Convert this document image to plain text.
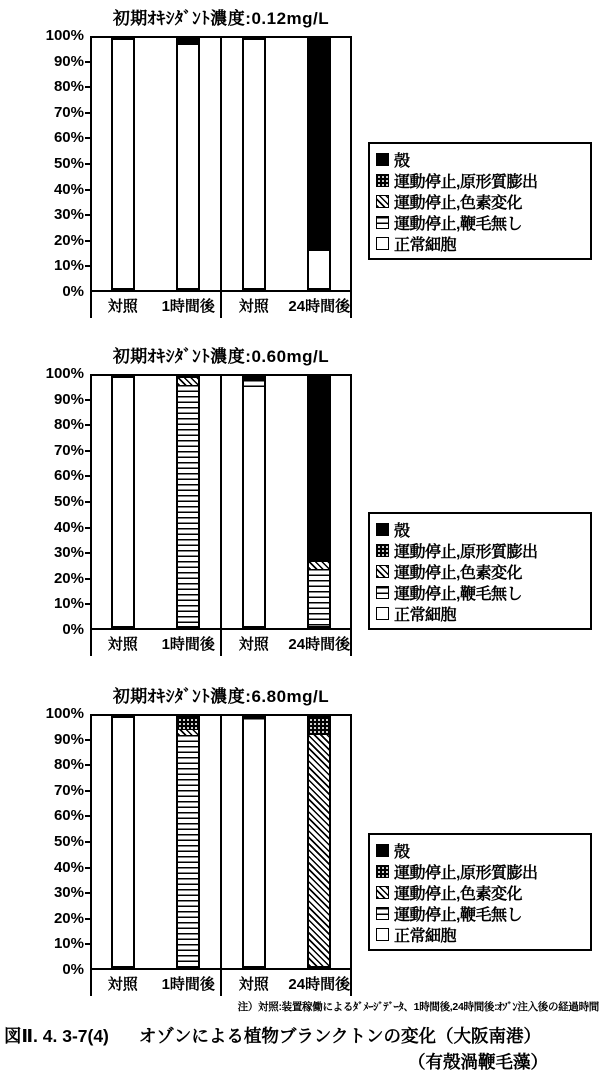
初期ｵｷｼﾀﾞﾝﾄ濃度:0.12mg/L
0%
10%
20%
30%
40%
50%
60%
70%
80%
90%
100%
対照	1時間後	対照	24時間後
殻
運動停止,原形質膨出
運動停止,色素変化
運動停止,鞭毛無し
正常細胞
初期ｵｷｼﾀﾞﾝﾄ濃度:0.60mg/L
0%
10%
20%
30%
40%
50%
60%
70%
80%
90%
100%
対照	1時間後	対照	24時間後
殻
運動停止,原形質膨出
運動停止,色素変化
運動停止,鞭毛無し
正常細胞
初期ｵｷｼﾀﾞﾝﾄ濃度:6.80mg/L
0%
10%
20%
30%
40%
50%
60%
70%
80%
90%
100%
対照	1時間後	対照	24時間後
殻
運動停止,原形質膨出
運動停止,色素変化
運動停止,鞭毛無し
正常細胞
注）対照:装置稼働によるﾀﾞﾒｰｼﾞﾃﾞｰﾀ、1時間後,24時間後:ｵｿﾞﾝ注入後の経過時間
図Ⅱ. 4. 3-7(4) オゾンによる植物ブランクトンの変化（大阪南港）
（有殻渦鞭毛藻）
